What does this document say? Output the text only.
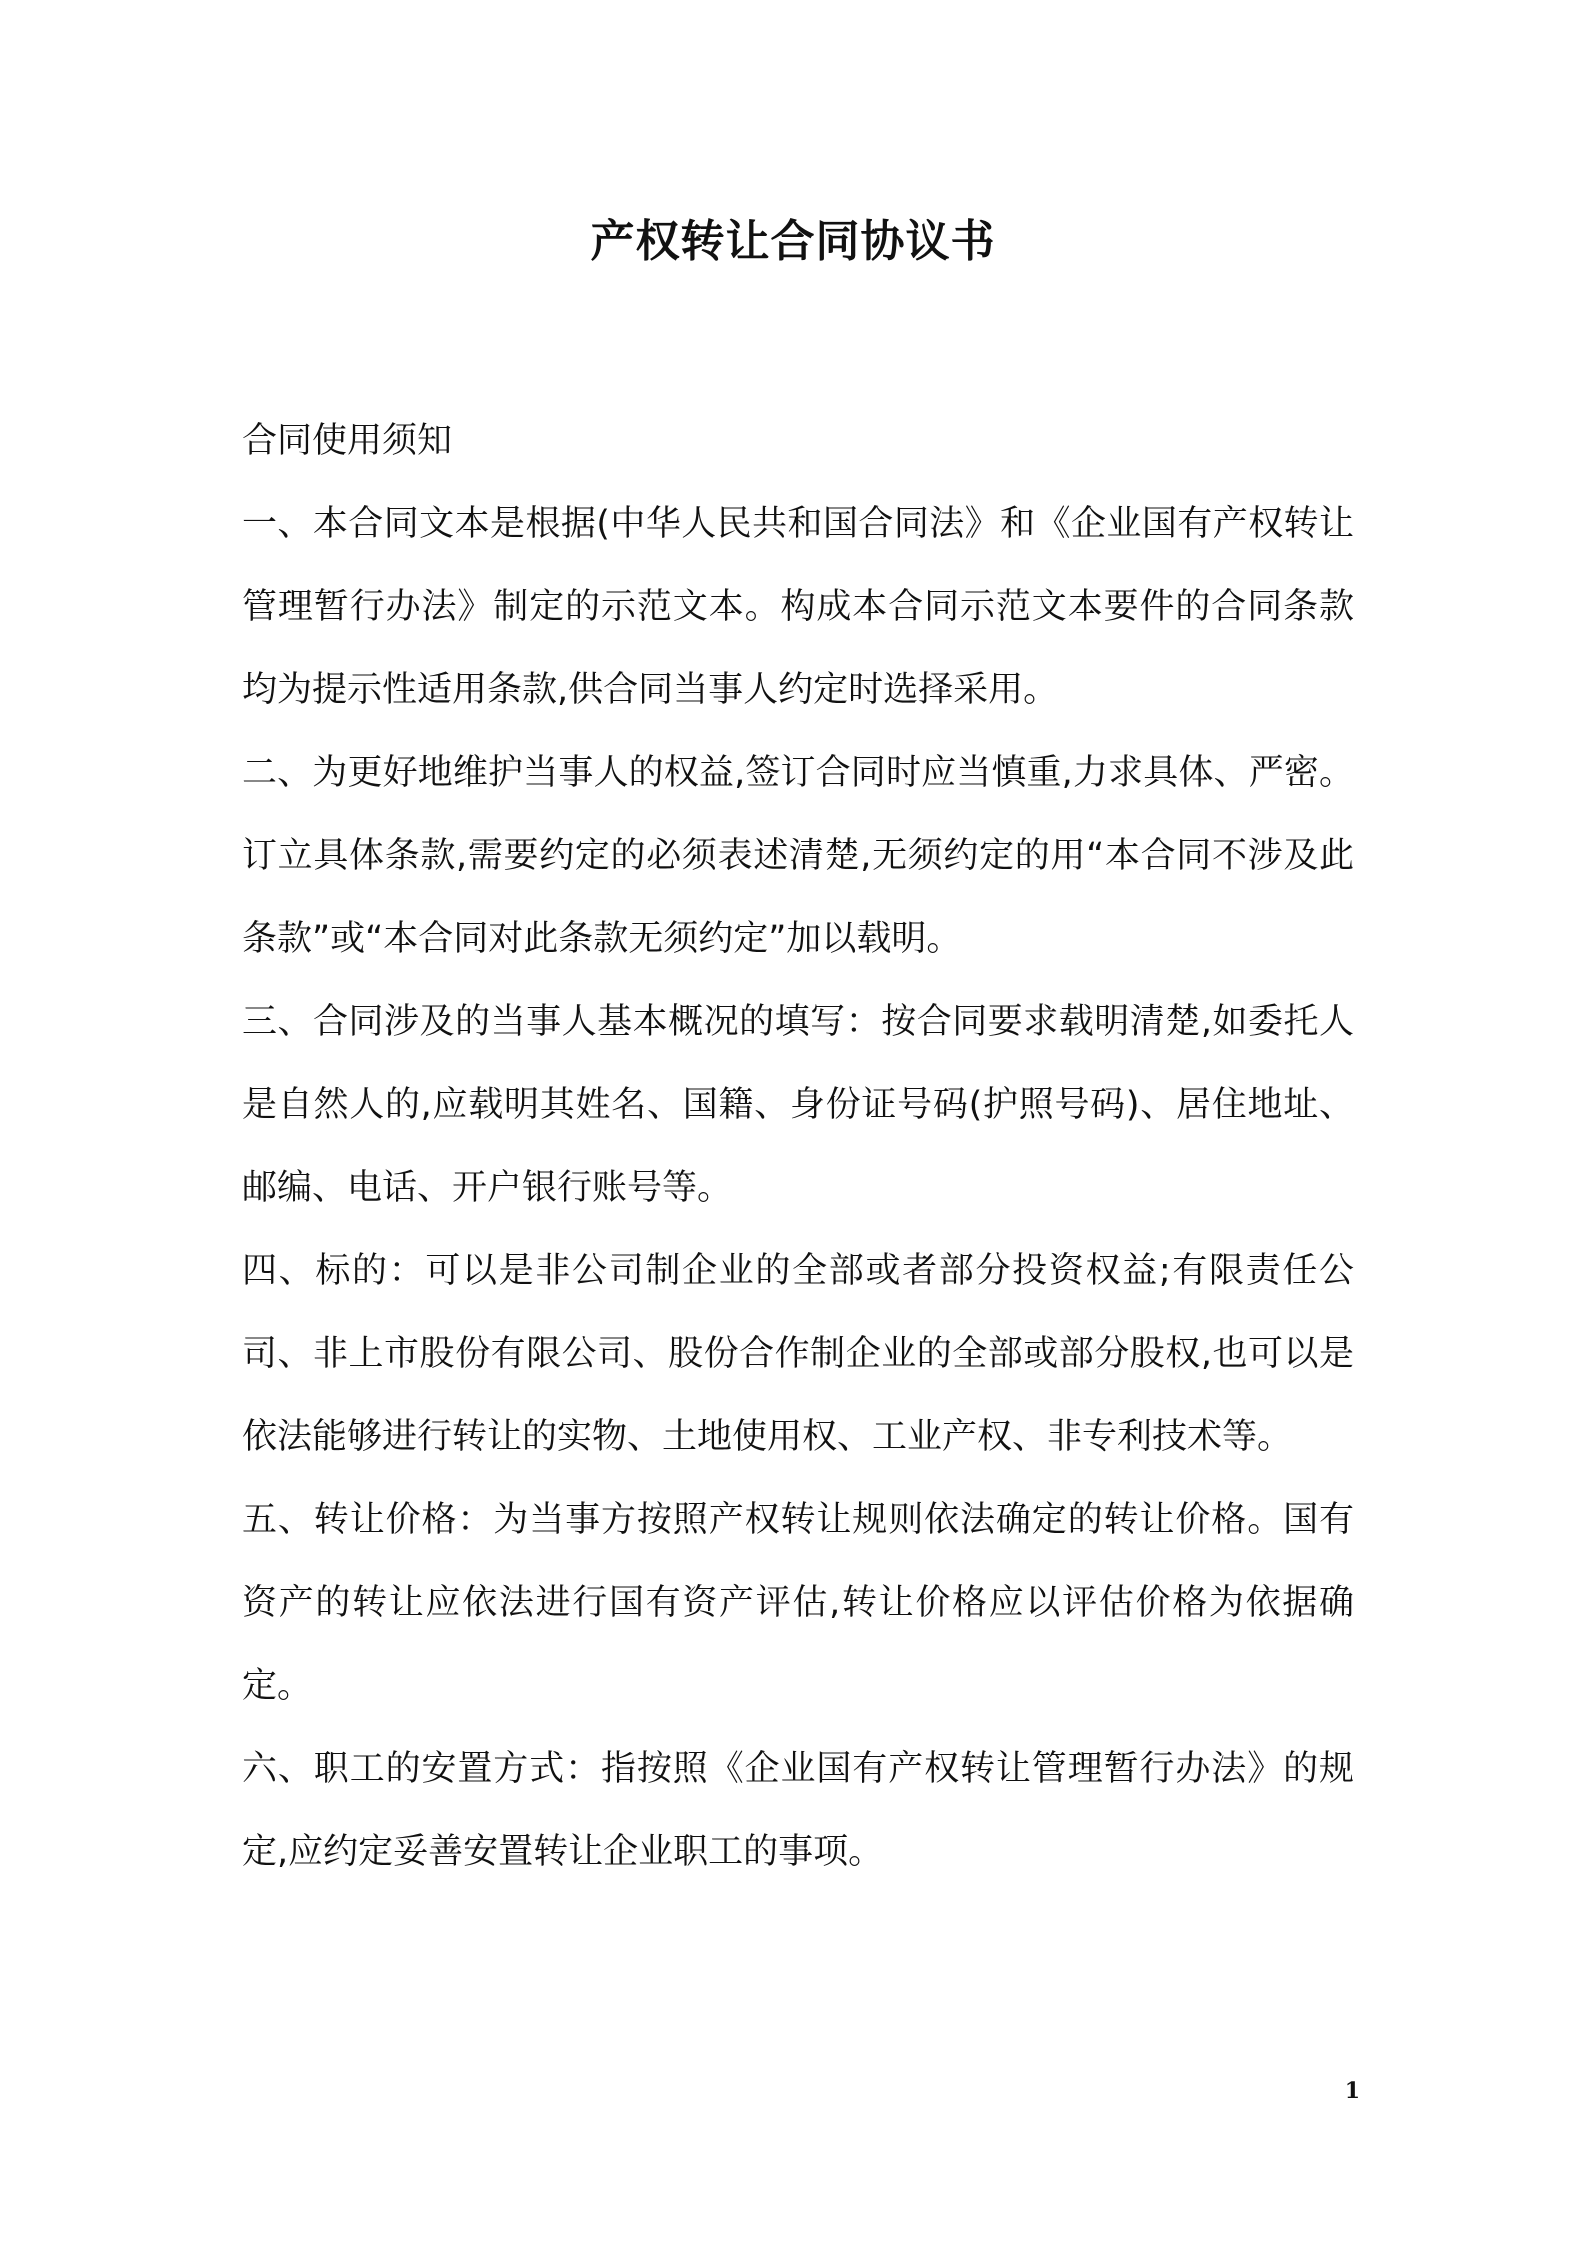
产权转让合同协议书

合同使用须知

一、本合同文本是根据(中华人民共和国合同法》和《企业国有产权转让管理暂行办法》制定的示范文本。构成本合同示范文本要件的合同条款均为提示性适用条款,供合同当事人约定时选择采用。

二、为更好地维护当事人的权益,签订合同时应当慎重,力求具体、严密。订立具体条款,需要约定的必须表述清楚,无须约定的用“本合同不涉及此条款”或“本合同对此条款无须约定”加以载明。

三、合同涉及的当事人基本概况的填写：按合同要求载明清楚,如委托人是自然人的,应载明其姓名、国籍、身份证号码(护照号码)、居住地址、邮编、电话、开户银行账号等。

四、标的：可以是非公司制企业的全部或者部分投资权益;有限责任公司、非上市股份有限公司、股份合作制企业的全部或部分股权,也可以是依法能够进行转让的实物、土地使用权、工业产权、非专利技术等。

五、转让价格：为当事方按照产权转让规则依法确定的转让价格。国有资产的转让应依法进行国有资产评估,转让价格应以评估价格为依据确定。

六、职工的安置方式：指按照《企业国有产权转让管理暂行办法》的规定,应约定妥善安置转让企业职工的事项。

1
